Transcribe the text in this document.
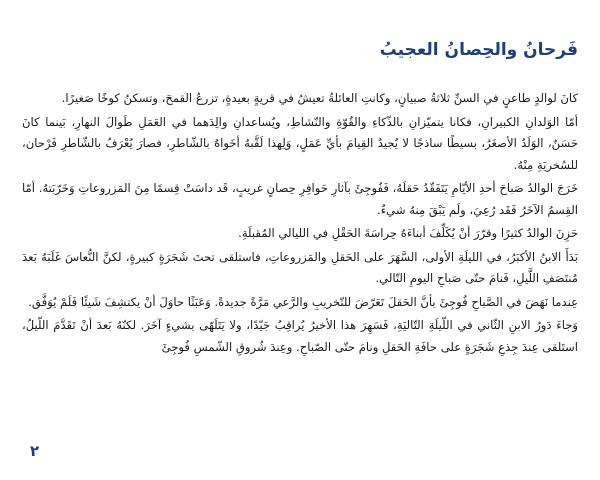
فَرحانُ والحِصانُ العجيبُ

كانَ لوالدٍ طاعنٍ في السنِّ ثلاثةُ صبيانٍ، وكانتِ العائلةُ تعيشُ في قريةٍ بعيدةٍ، تزرعُ القمحَ، وتسكنُ كوخًا صَغيرًا.

أمّا الوَلدانِ الكبيرانِ، فكانا يتميّزانِ بالذّكاءِ والقُوّةِ والنّشاطِ، ويُساعدانِ والِدَهما في العَمَلِ طَوالَ النهارِ، بَينما كانَ حَسَنٌ، الوَلَدُ الأصغَرُ، بسيطًا ساذجًا لا يُجيدُ القِيامَ بأيِّ عَمَلٍ، وَلِهذا لَقَّبهُ أخَواهُ بالشّاطرِ، فصارَ يُعْرَفُ بالشّاطرِ فَرْحان، للسُخريَةِ مِنْهُ.

خَرَجَ الوالدُ صَباحَ أحدِ الأيّامِ يَتَفَقّدُ حَقلَهُ، فَفُوجِئَ بآثارِ حَوافِرِ حِصانٍ غريبٍ، قَد داسَتْ قِسمًا مِنَ المَزروعاتِ وَخَرّبَتهُ. أمّا القِسمُ الآخَرُ فَقَد رُعِيَ، ولَم يَبْقَ مِنهُ شيءٌ.

حَزِنَ الوالدُ كثيرًا وقرّرَ أنْ يُكَلِّفَ أبناءَهُ حِراسَةَ الحَقْلِ في الليالي المُقبلَةِ.

بَدَأَ الابنُ الأكبَرُ، في الليلَةِ الأولى، السَّهَرَ على الحَقلِ والمَزروعاتِ، فاستلقى تحتَ شَجَرَةٍ كبيرةٍ، لكنَّ النُّعاسَ غَلَبَهُ بَعدَ مُنتَصَفِ اللَّيلِ، فَنامَ حتّى صَباحِ اليومِ التّالي.

عِندما نَهَضَ في الصَّباحِ فُوجِئَ بأنَّ الحَقلَ تَعَرّضَ للتّخريبِ والرَّعي مَرَّةً جديدةً. وَعَبَثًا حاوَلَ أنْ يكتشِفَ شَيئًا فَلَمْ يُوَفَّق.

وَجاءَ دَورُ الابنِ الثّاني في اللّيلَةِ التّاليَةِ، فَسَهِرَ هذا الأخيرُ يُراقِبُ جَيّدًا، ولا يَتَلَهّى بشيءٍ آخَرَ. لكنّهُ بَعدَ أنْ تَقَدَّمَ اللّيلُ، استَلقى عِندَ جِذعِ شَجَرَةٍ على حافَةِ الحَقلِ ونامَ حتّى الصّباحِ. وعِندَ شُروقِ الشّمسِ فُوجِئَ

٢
